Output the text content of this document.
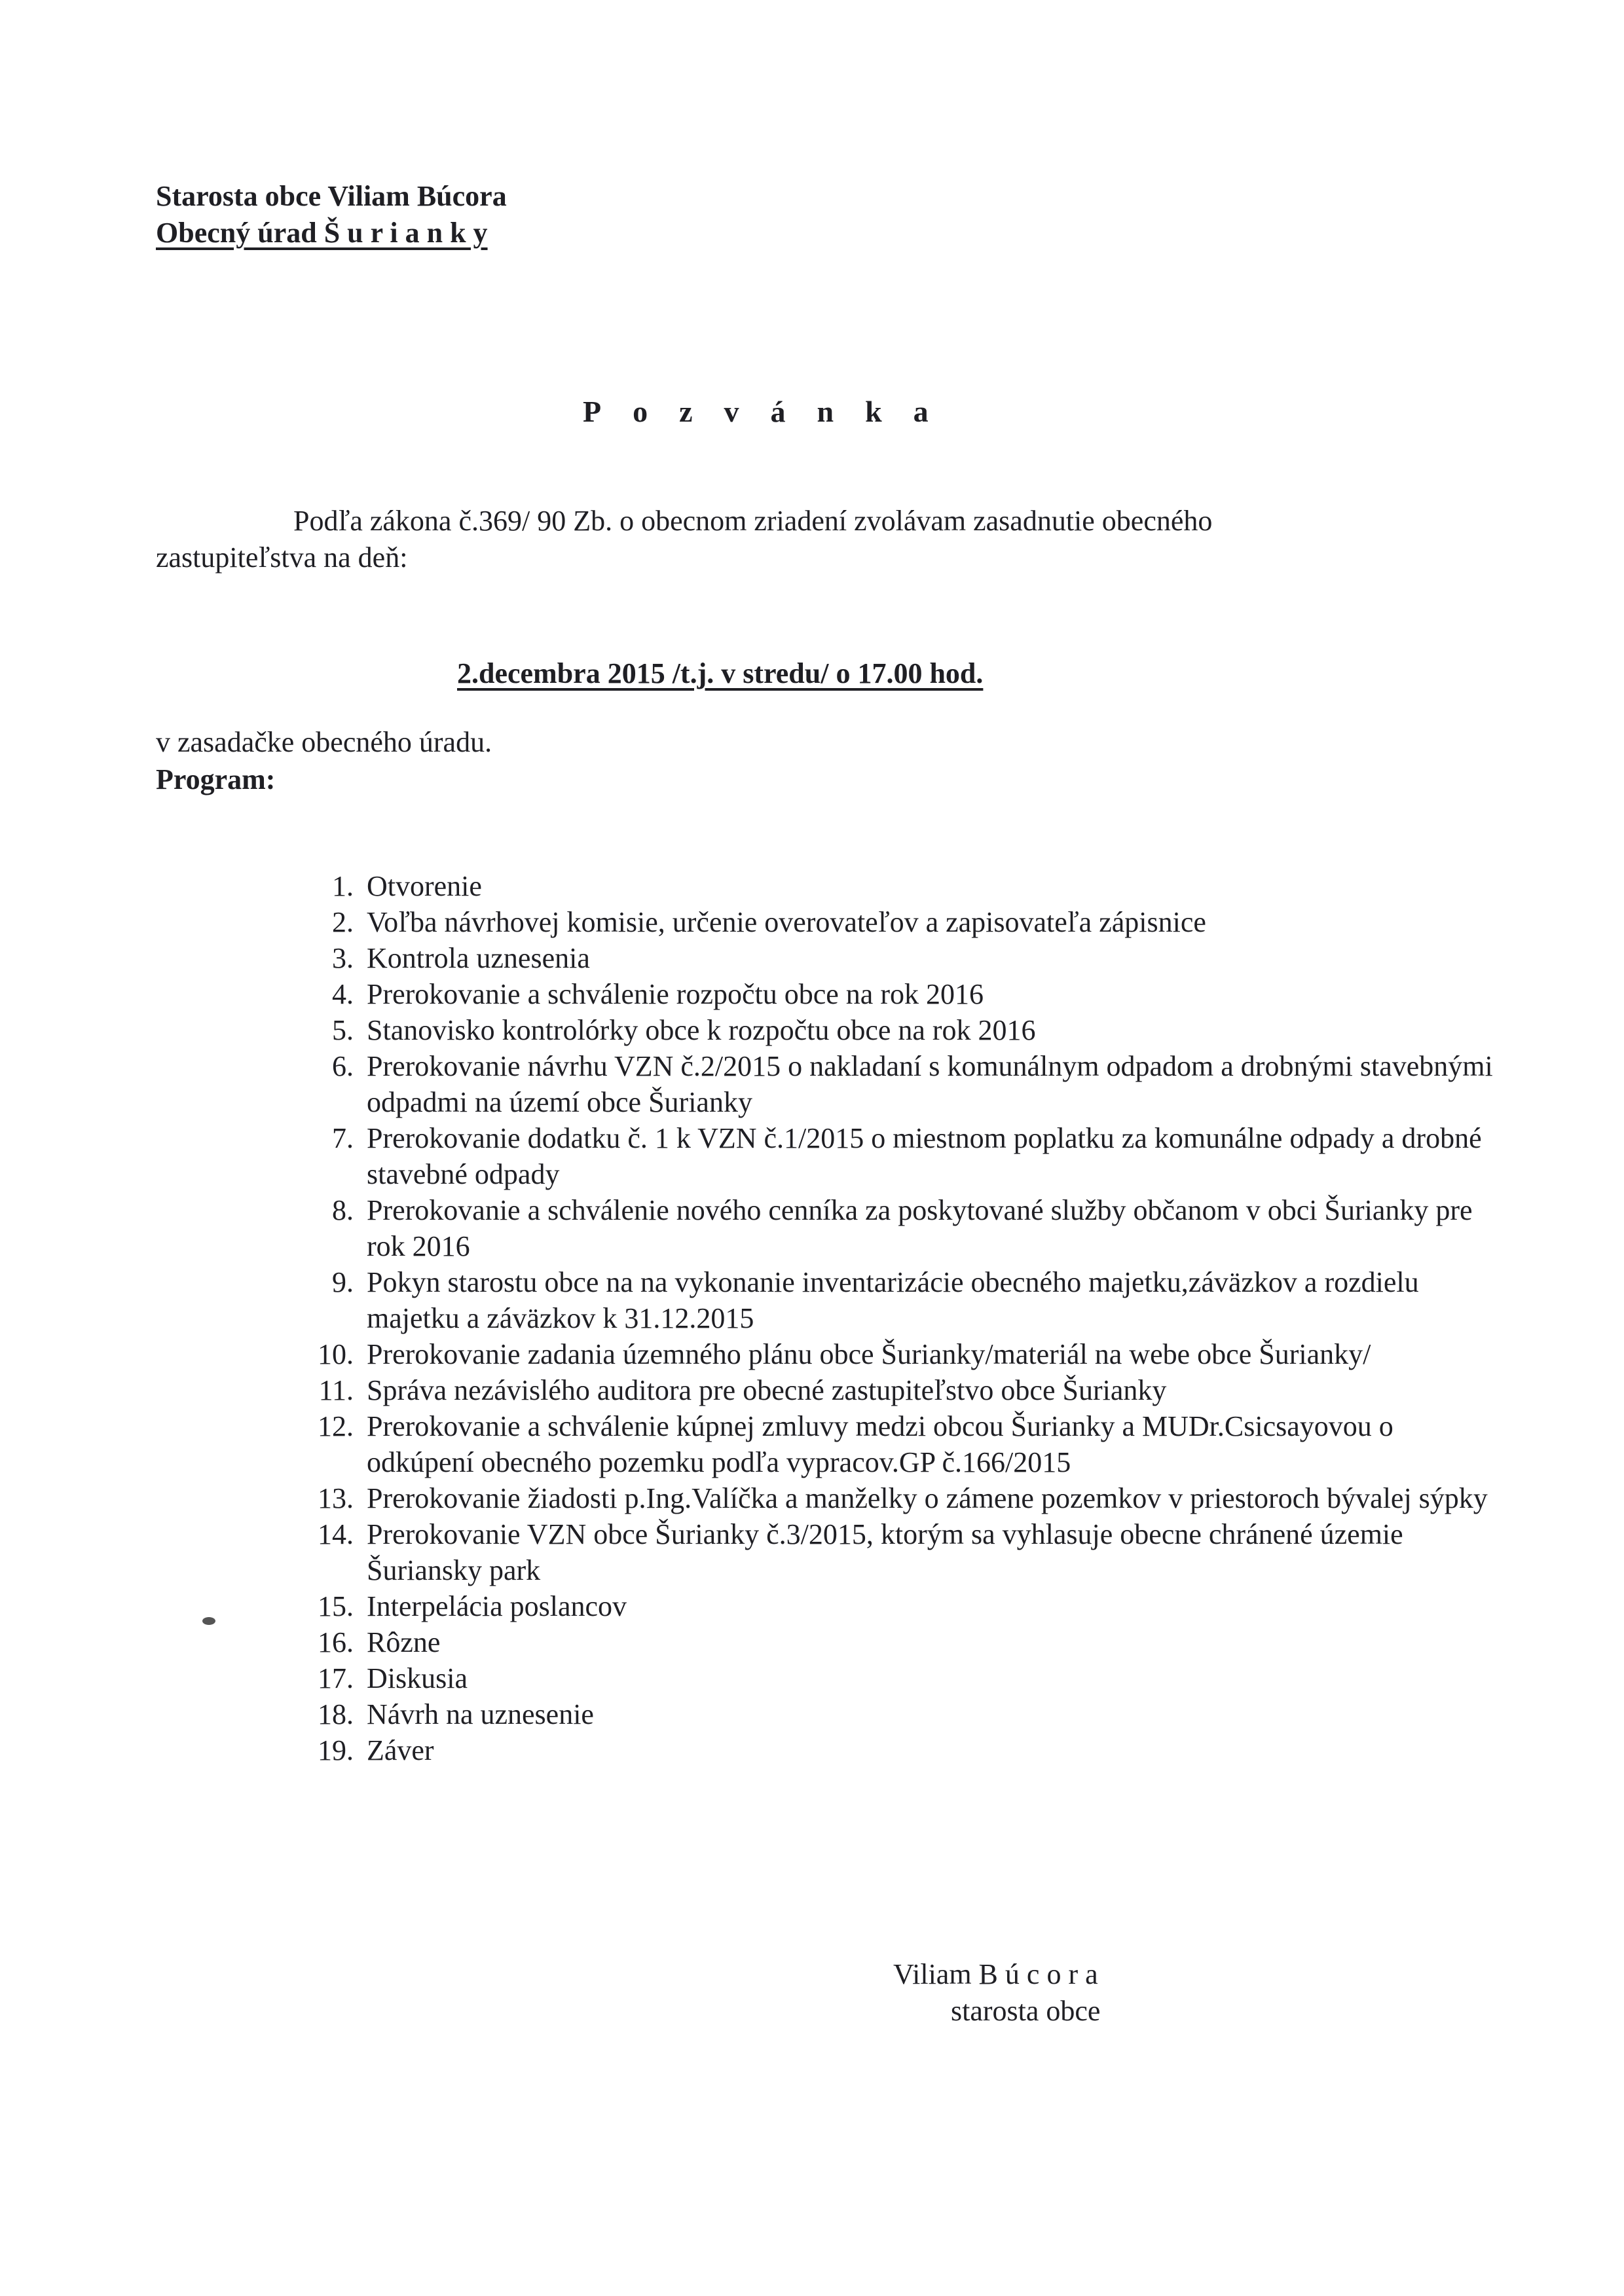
Starosta obce Viliam Búcora
Obecný úrad Š u r i a n k y
Pozvánka
Podľa zákona č.369/ 90 Zb. o obecnom zriadení zvolávam zasadnutie obecného
zastupiteľstva na deň:
2.decembra 2015 /t.j. v stredu/ o 17.00 hod.
v zasadačke obecného úradu.
Program:
1. Otvorenie
2. Voľba návrhovej komisie, určenie overovateľov a zapisovateľa zápisnice
3. Kontrola uznesenia
4. Prerokovanie a schválenie rozpočtu obce na rok 2016
5. Stanovisko kontrolórky obce k rozpočtu obce na rok 2016
6. Prerokovanie návrhu VZN č.2/2015 o nakladaní s komunálnym odpadom a drobnými stavebnými odpadmi na území obce Šurianky
7. Prerokovanie dodatku č. 1 k VZN č.1/2015 o miestnom poplatku za komunálne odpady a drobné stavebné odpady
8. Prerokovanie a schválenie nového cenníka za poskytované služby občanom v obci Šurianky pre rok 2016
9. Pokyn starostu obce na na vykonanie inventarizácie obecného majetku,záväzkov a rozdielu majetku a záväzkov k 31.12.2015
10. Prerokovanie zadania územného plánu obce Šurianky/materiál na webe obce Šurianky/
11. Správa nezávislého auditora pre obecné zastupiteľstvo obce Šurianky
12. Prerokovanie a schválenie kúpnej zmluvy medzi obcou Šurianky a MUDr.Csicsayovou o odkúpení obecného pozemku podľa vypracov.GP č.166/2015
13. Prerokovanie žiadosti p.Ing.Valíčka a manželky o zámene pozemkov v priestoroch bývalej sýpky
14. Prerokovanie VZN obce Šurianky č.3/2015, ktorým sa vyhlasuje obecne chránené územie Šuriansky park
15. Interpelácia poslancov
16. Rôzne
17. Diskusia
18. Návrh na uznesenie
19. Záver
Viliam B ú c o r a
starosta obce
